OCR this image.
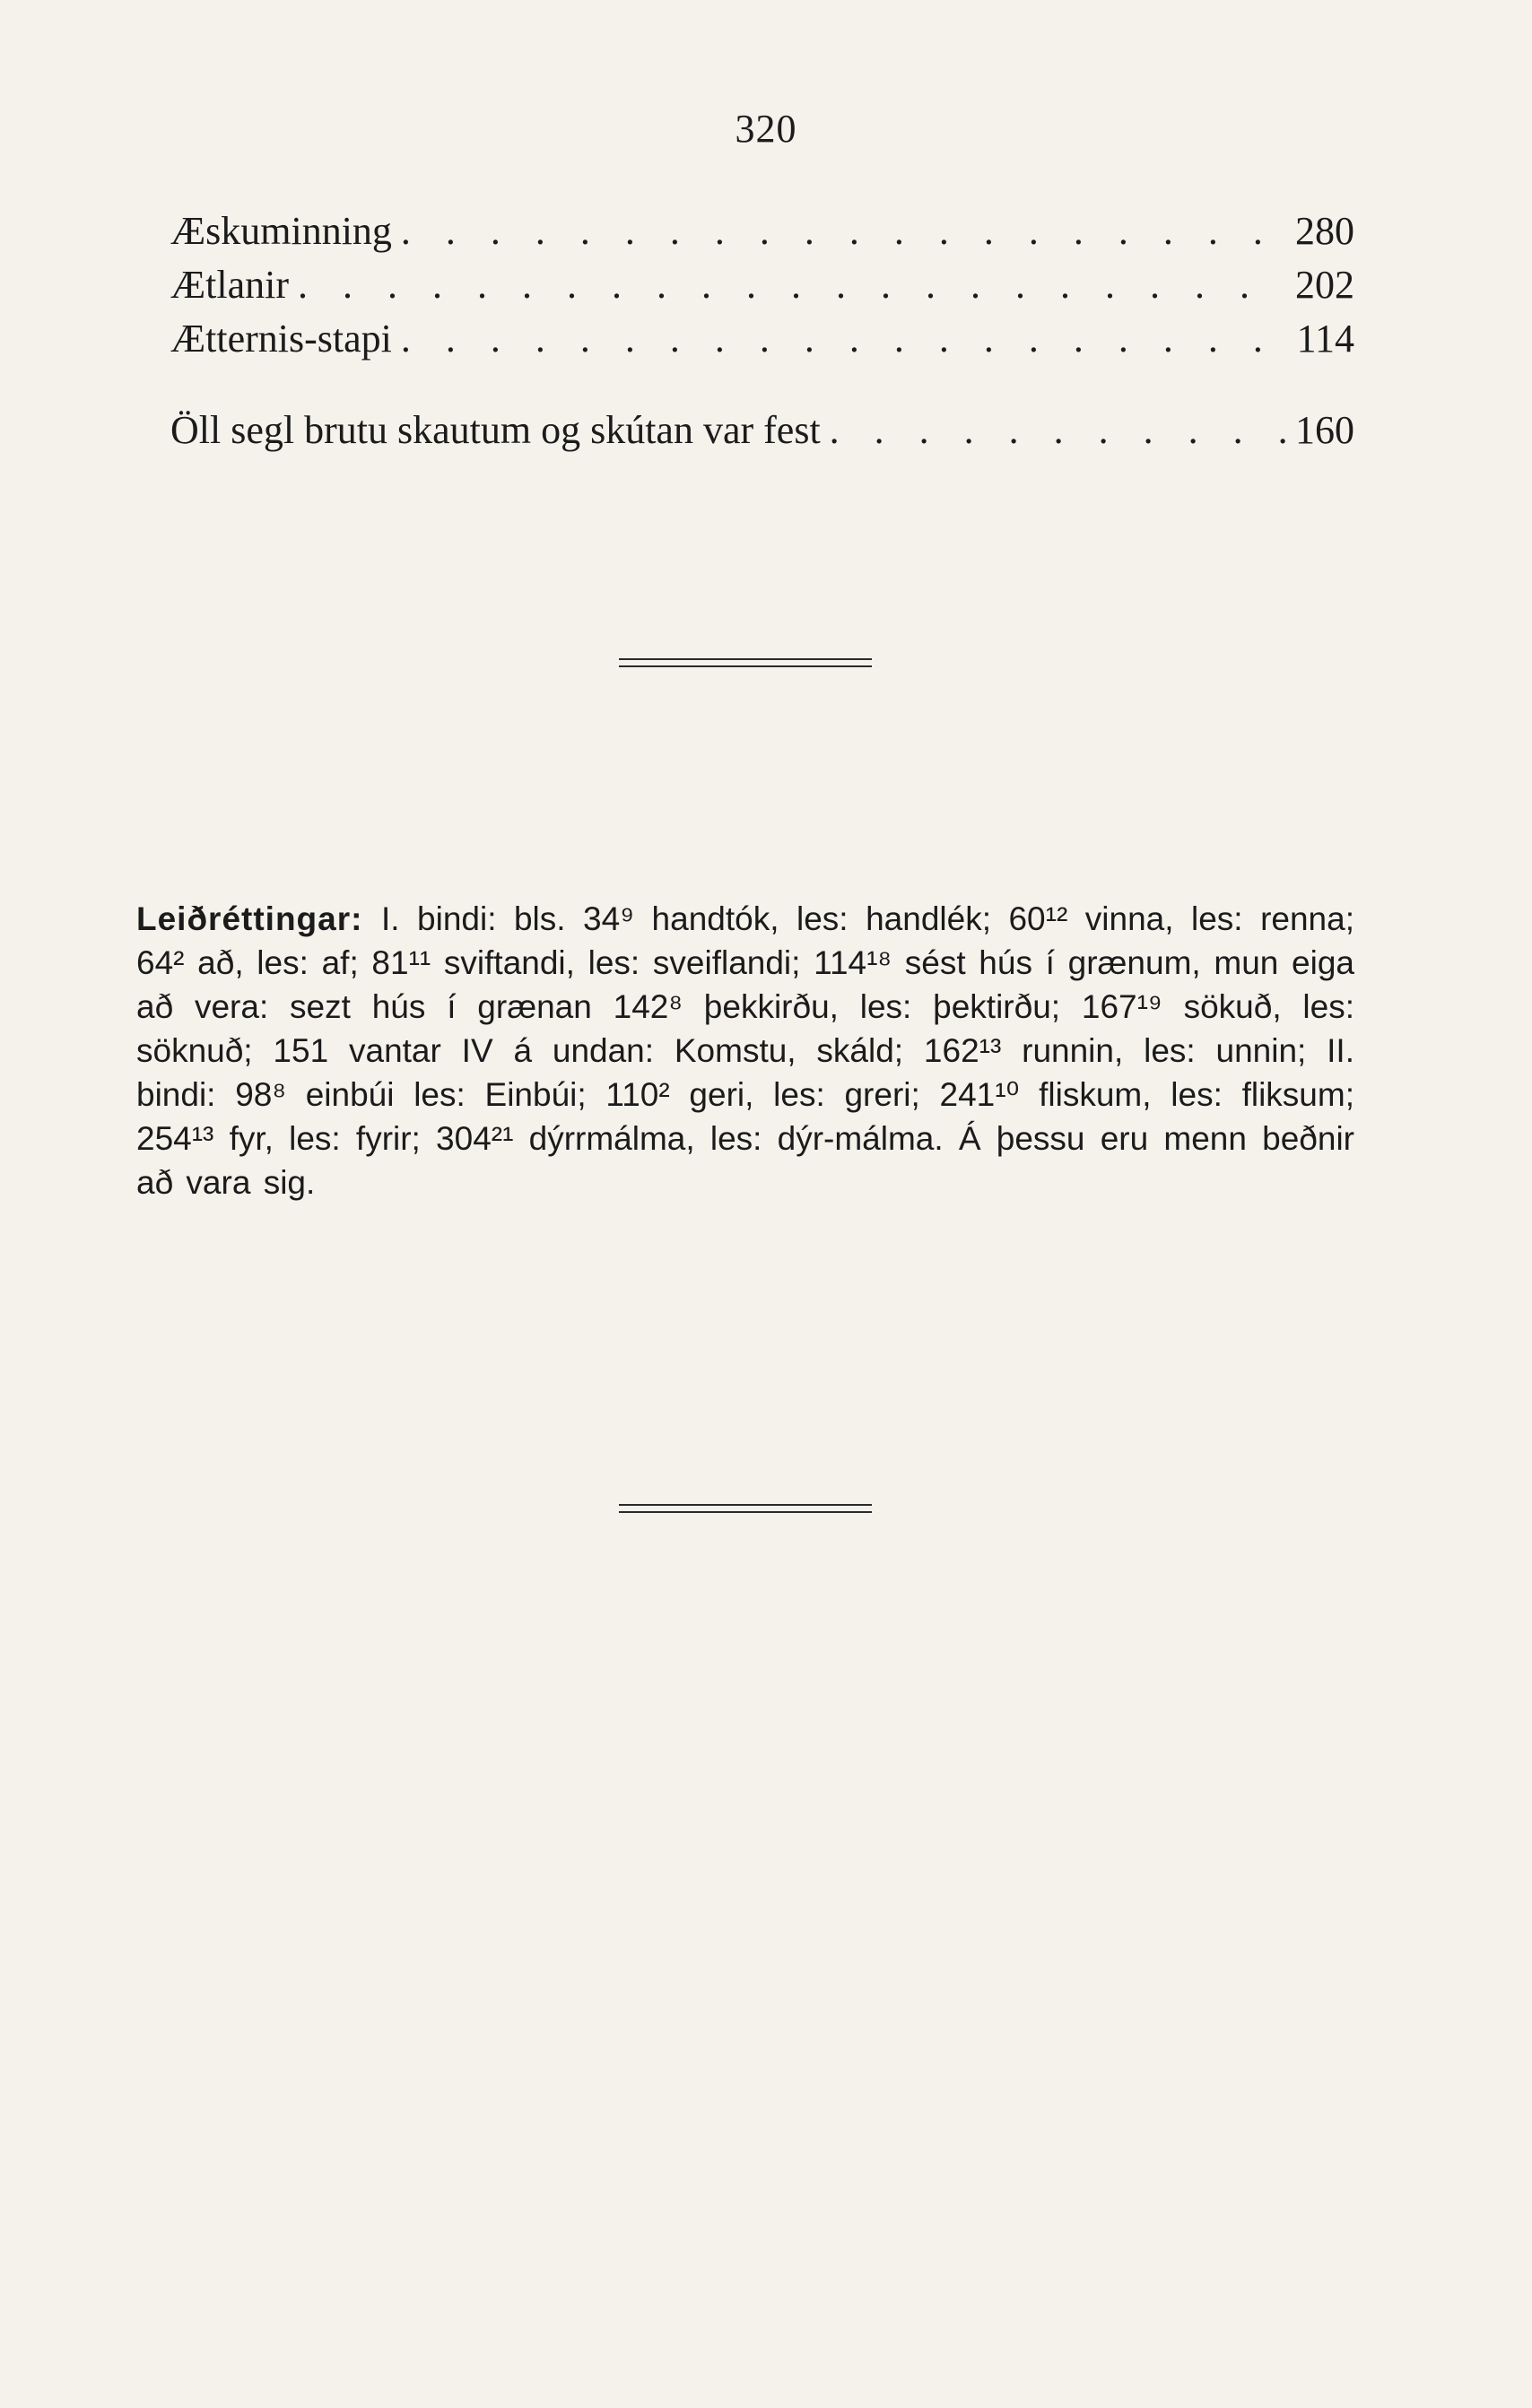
320
Æskuminning . . .	280
Ætlanir . . .	202
Ætternis-stapi . . .	114
Öll segl brutu skautum og skútan var fest . . .	160
Leiðréttingar: I. bindi: bls. 34⁹ handtók, les: handlék; 60¹² vinna, les: renna; 64² að, les: af; 81¹¹ sviftandi, les: sveiflandi; 114¹⁸ sést hús í grænum, mun eiga að vera: sezt hús í grænan 142⁸ þekkirðu, les: þektirðu; 167¹⁹ sökuð, les: söknuð; 151 vantar IV á undan: Komstu, skáld; 162¹³ runnin, les: unnin; II. bindi: 98⁸ einbúi les: Einbúi; 110² geri, les: greri; 241¹⁰ fliskum, les: fliksum; 254¹³ fyr, les: fyrir; 304²¹ dýrrmálma, les: dýr-málma. Á þessu eru menn beðnir að vara sig.
